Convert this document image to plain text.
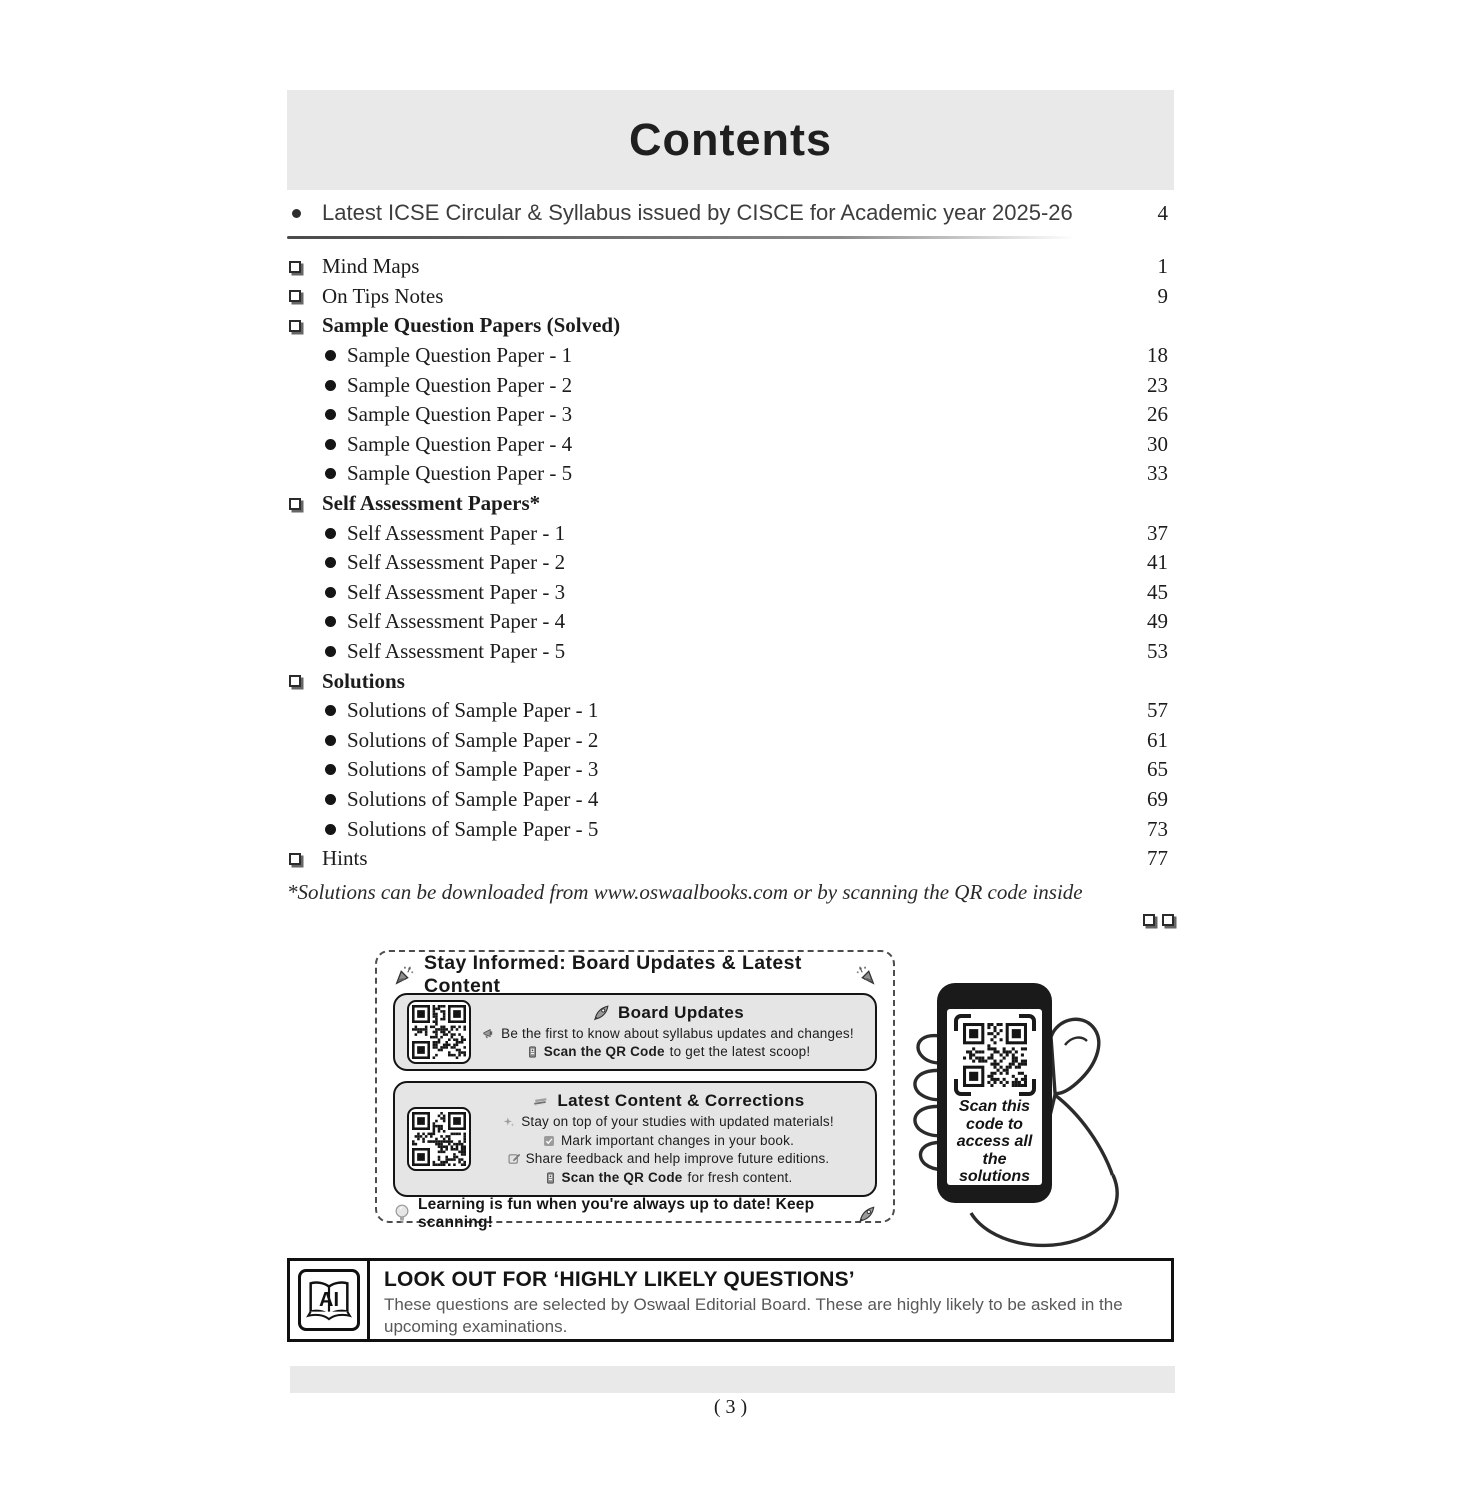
Contents
Latest ICSE Circular & Syllabus issued by CISCE for Academic year 2025-26	4
Mind Maps	1
On Tips Notes	9
Sample Question Papers (Solved)
Sample Question Paper - 1	18
Sample Question Paper - 2	23
Sample Question Paper - 3	26
Sample Question Paper - 4	30
Sample Question Paper - 5	33
Self Assessment Papers*
Self Assessment Paper - 1	37
Self Assessment Paper - 2	41
Self Assessment Paper - 3	45
Self Assessment Paper - 4	49
Self Assessment Paper - 5	53
Solutions
Solutions of Sample Paper - 1	57
Solutions of Sample Paper - 2	61
Solutions of Sample Paper - 3	65
Solutions of Sample Paper - 4	69
Solutions of Sample Paper - 5	73
Hints	77
*Solutions can be downloaded from www.oswaalbooks.com or by scanning the QR code inside
Stay Informed: Board Updates & Latest Content
Board Updates
Be the first to know about syllabus updates and changes!
Scan the QR Code to get the latest scoop!
Latest Content & Corrections
Stay on top of your studies with updated materials!
Mark important changes in your book.
Share feedback and help improve future editions.
Scan the QR Code for fresh content.
Learning is fun when you're always up to date! Keep scanning!
Scan this code to access all the solutions
AI
LOOK OUT FOR ‘HIGHLY LIKELY QUESTIONS’
These questions are selected by Oswaal Editorial Board. These are highly likely to be asked in the upcoming examinations.
( 3 )
